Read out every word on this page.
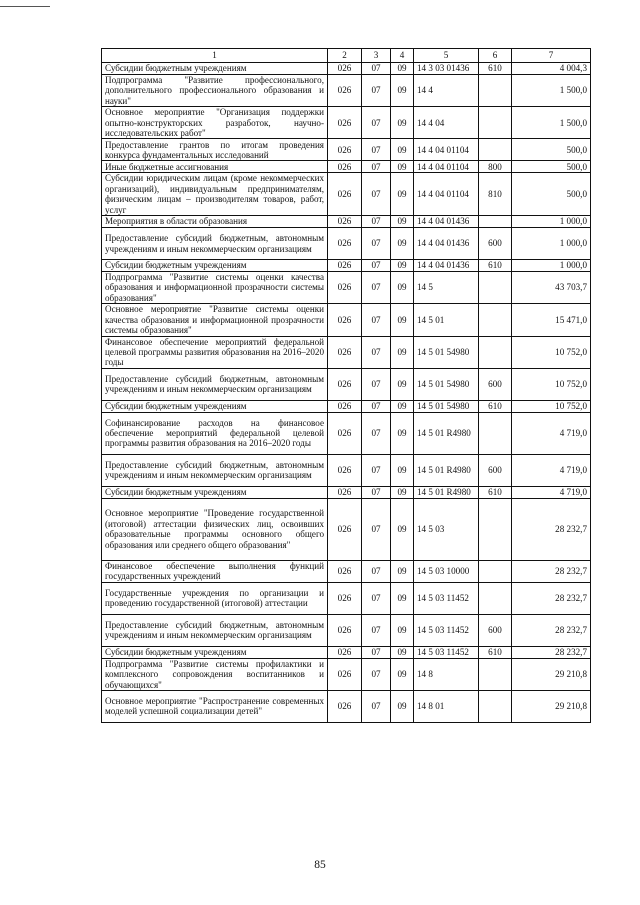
1	2	3	4	5	6	7
Субсидии бюджетным учреждениям	026	07	09	14 3 03 01436	610	4 004,3
Подпрограмма "Развитие профессионального, дополнительного профессионального образования и науки"	026	07	09	14 4		1 500,0
Основное мероприятие "Организация поддержки опытно-конструкторских разработок, научно-исследовательских работ"	026	07	09	14 4 04		1 500,0
Предоставление грантов по итогам проведения конкурса фундаментальных исследований	026	07	09	14 4 04 01104		500,0
Иные бюджетные ассигнования	026	07	09	14 4 04 01104	800	500,0
Субсидии юридическим лицам (кроме некоммерческих организаций), индивидуальным предпринимателям, физическим лицам – производителям товаров, работ, услуг	026	07	09	14 4 04 01104	810	500,0
Мероприятия в области образования	026	07	09	14 4 04 01436		1 000,0
Предоставление субсидий бюджетным, автономным учреждениям и иным некоммерческим организациям	026	07	09	14 4 04 01436	600	1 000,0
Субсидии бюджетным учреждениям	026	07	09	14 4 04 01436	610	1 000,0
Подпрограмма "Развитие системы оценки качества образования и информационной прозрачности системы образования"	026	07	09	14 5		43 703,7
Основное мероприятие "Развитие системы оценки качества образования и информационной прозрачности системы образования"	026	07	09	14 5 01		15 471,0
Финансовое обеспечение мероприятий федеральной целевой программы развития образования на 2016–2020 годы	026	07	09	14 5 01 54980		10 752,0
Предоставление субсидий бюджетным, автономным учреждениям и иным некоммерческим организациям	026	07	09	14 5 01 54980	600	10 752,0
Субсидии бюджетным учреждениям	026	07	09	14 5 01 54980	610	10 752,0
Софинансирование расходов на финансовое обеспечение мероприятий федеральной целевой программы развития образования на 2016–2020 годы	026	07	09	14 5 01 R4980		4 719,0
Предоставление субсидий бюджетным, автономным учреждениям и иным некоммерческим организациям	026	07	09	14 5 01 R4980	600	4 719,0
Субсидии бюджетным учреждениям	026	07	09	14 5 01 R4980	610	4 719,0
Основное мероприятие "Проведение государственной (итоговой) аттестации физических лиц, освоивших образовательные программы основного общего образования или среднего общего образования"	026	07	09	14 5 03		28 232,7
Финансовое обеспечение выполнения функций государственных учреждений	026	07	09	14 5 03 10000		28 232,7
Государственные учреждения по организации и проведению государственной (итоговой) аттестации	026	07	09	14 5 03 11452		28 232,7
Предоставление субсидий бюджетным, автономным учреждениям и иным некоммерческим организациям	026	07	09	14 5 03 11452	600	28 232,7
Субсидии бюджетным учреждениям	026	07	09	14 5 03 11452	610	28 232,7
Подпрограмма "Развитие системы профилактики и комплексного сопровождения воспитанников и обучающихся"	026	07	09	14 8		29 210,8
Основное мероприятие "Распространение современных моделей успешной социализации детей"	026	07	09	14 8 01		29 210,8
85
